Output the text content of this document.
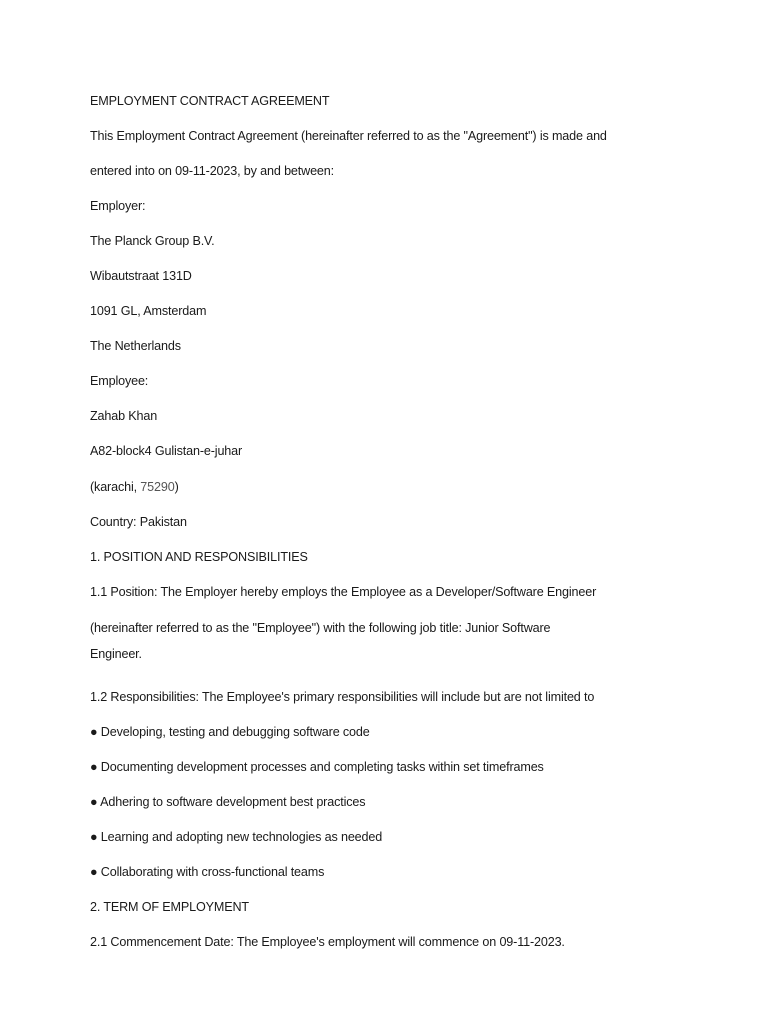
EMPLOYMENT CONTRACT AGREEMENT
This Employment Contract Agreement (hereinafter referred to as the "Agreement") is made and
entered into on 09-11-2023, by and between:
Employer:
The Planck Group B.V.
Wibautstraat 131D
1091 GL, Amsterdam
The Netherlands
Employee:
Zahab Khan
A82-block4 Gulistan-e-juhar
(karachi, 75290)
Country: Pakistan
1. POSITION AND RESPONSIBILITIES
1.1 Position: The Employer hereby employs the Employee as a Developer/Software Engineer
(hereinafter referred to as the "Employee") with the following job title: Junior Software
Engineer.
1.2 Responsibilities: The Employee's primary responsibilities will include but are not limited to
● Developing, testing and debugging software code
● Documenting development processes and completing tasks within set timeframes
● Adhering to software development best practices
● Learning and adopting new technologies as needed
● Collaborating with cross-functional teams
2. TERM OF EMPLOYMENT
2.1 Commencement Date: The Employee's employment will commence on 09-11-2023.
